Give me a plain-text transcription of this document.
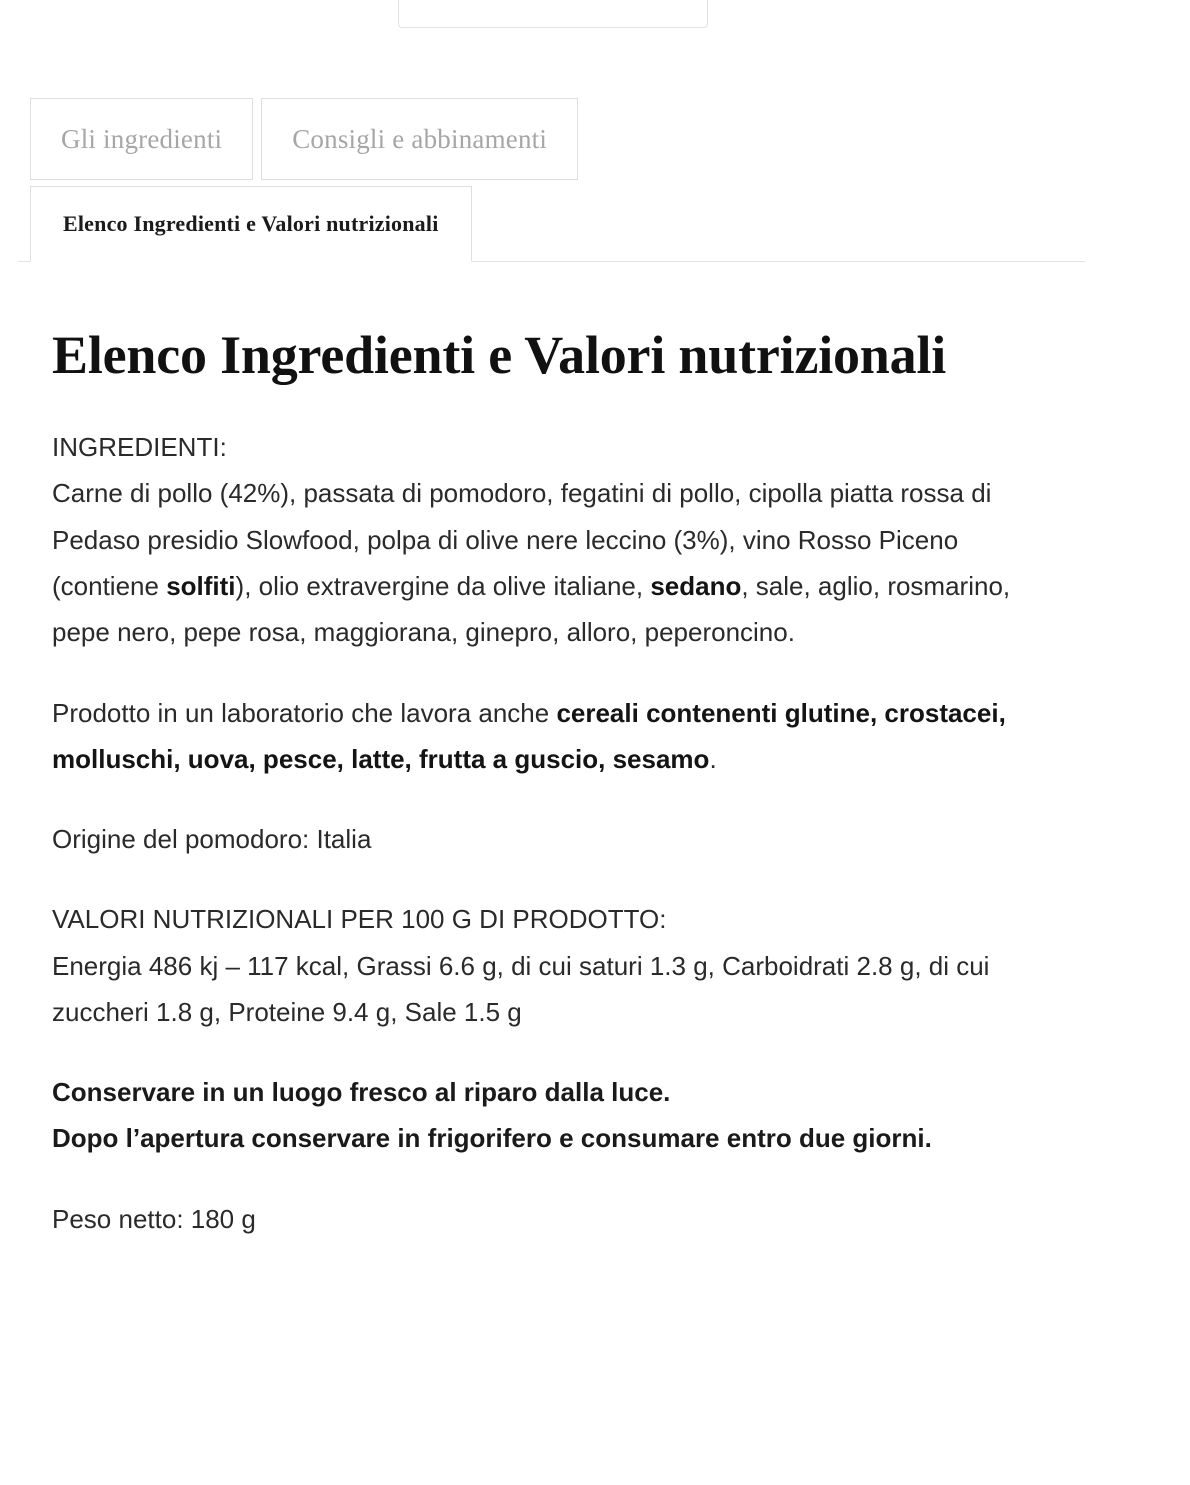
Gli ingredienti	Consigli e abbinamenti
Elenco Ingredienti e Valori nutrizionali
Elenco Ingredienti e Valori nutrizionali

INGREDIENTI:
Carne di pollo (42%), passata di pomodoro, fegatini di pollo, cipolla piatta rossa di Pedaso presidio Slowfood, polpa di olive nere leccino (3%), vino Rosso Piceno (contiene solfiti), olio extravergine da olive italiane, sedano, sale, aglio, rosmarino, pepe nero, pepe rosa, maggiorana, ginepro, alloro, peperoncino.

Prodotto in un laboratorio che lavora anche cereali contenenti glutine, crostacei, molluschi, uova, pesce, latte, frutta a guscio, sesamo.

Origine del pomodoro: Italia

VALORI NUTRIZIONALI PER 100 G DI PRODOTTO:
Energia 486 kj – 117 kcal, Grassi 6.6 g, di cui saturi 1.3 g, Carboidrati 2.8 g, di cui zuccheri 1.8 g, Proteine 9.4 g, Sale 1.5 g

Conservare in un luogo fresco al riparo dalla luce.
Dopo l’apertura conservare in frigorifero e consumare entro due giorni.

Peso netto: 180 g
